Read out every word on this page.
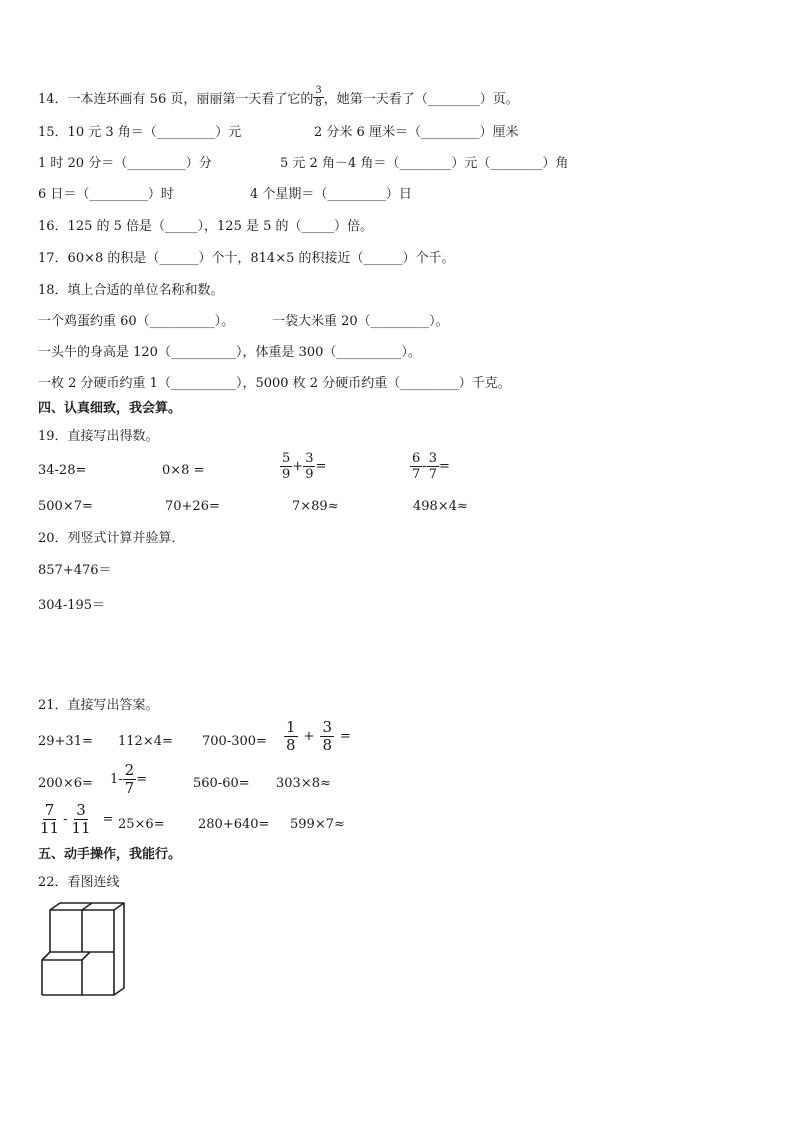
14．一本连环画有 56 页，丽丽第一天看了它的 $\frac{3}{8}$ ，她第一天看了（________）页。
15．10 元 3 角＝（_________）元	2 分米 6 厘米＝（_________）厘米
1 时 20 分＝（_________）分	5 元 2 角－4 角＝（________）元（________）角
6 日＝（_________）时	4 个星期＝（_________）日
16．125 的 5 倍是（_____），125 是 5 的（_____）倍。
17．60×8 的积是（______）个十，814×5 的积接近（______）个千。
18．填上合适的单位名称和数。
一个鸡蛋约重 60（__________）。	一袋大米重 20（_________）。
一头牛的身高是 120（__________），体重是 300（__________）。
一枚 2 分硬币约重 1（__________），5000 枚 2 分硬币约重（_________）千克。
四、认真细致，我会算。
19．直接写出得数。
34-28=	0×8 =	$\frac{5}{9} + \frac{3}{9}$ =	$\frac{6}{7} - \frac{3}{7}$ =
500×7=	70+26=	7×89≈	498×4≈
20．列竖式计算并验算．
857+476＝
304-195＝
21．直接写出答案。
$29+31= 112\times 4= 700-300= \frac{1}{8} + \frac{3}{8}$ =
$200\times 6= 1- \frac{2}{7}$ =	560-60= 303×8≈
$\frac{7}{11} - \frac{3}{11} = 25\times 6=$	280+640= 599×7≈
五、动手操作，我能行。
22．看图连线
